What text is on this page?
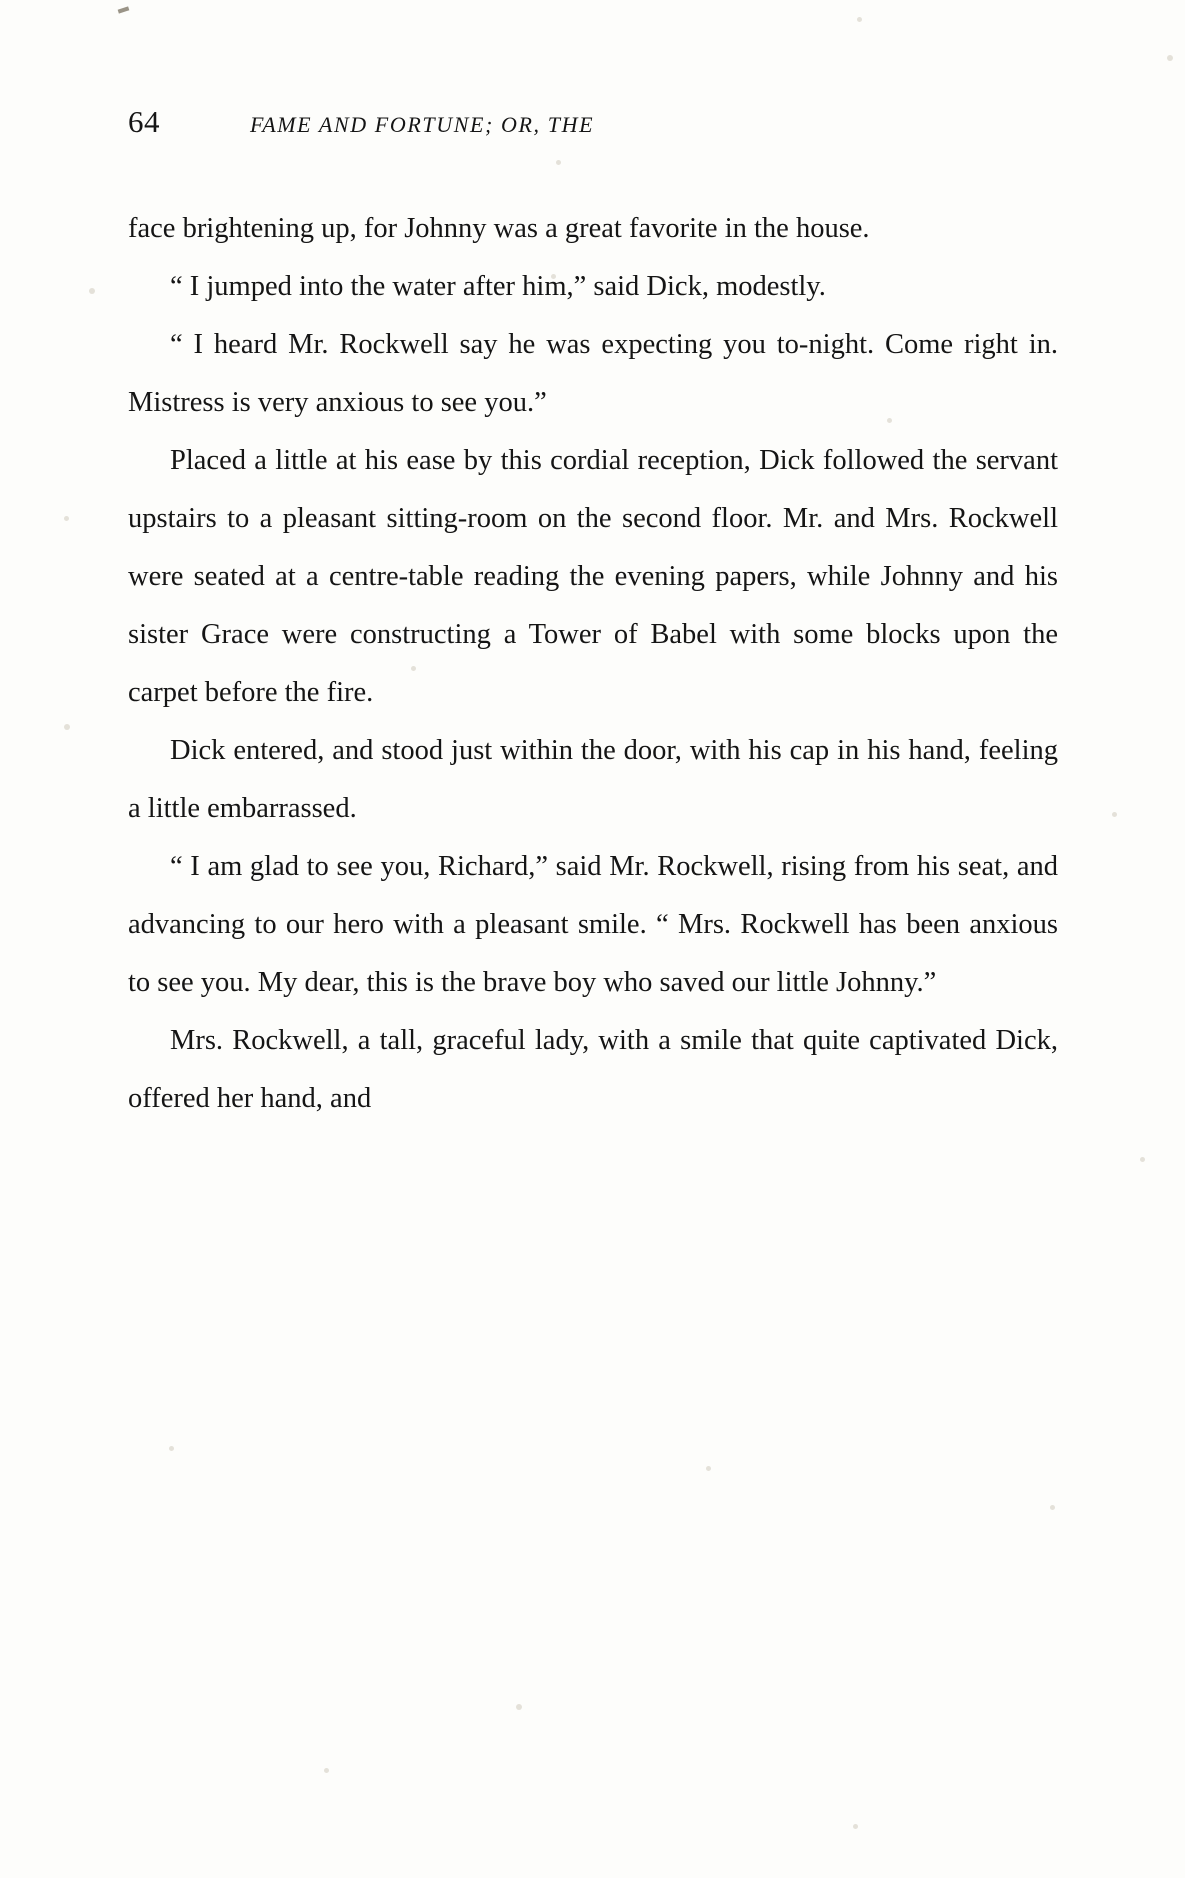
64	FAME AND FORTUNE; OR, THE

face brightening up, for Johnny was a great favorite in the house.

“ I jumped into the water after him,” said Dick, modestly.

“ I heard Mr. Rockwell say he was expecting you to-night. Come right in. Mistress is very anxious to see you.”

Placed a little at his ease by this cordial reception, Dick followed the servant upstairs to a pleasant sitting-room on the second floor. Mr. and Mrs. Rockwell were seated at a centre-table reading the evening papers, while Johnny and his sister Grace were constructing a Tower of Babel with some blocks upon the carpet before the fire.

Dick entered, and stood just within the door, with his cap in his hand, feeling a little embarrassed.

“ I am glad to see you, Richard,” said Mr. Rockwell, rising from his seat, and advancing to our hero with a pleasant smile. “ Mrs. Rockwell has been anxious to see you. My dear, this is the brave boy who saved our little Johnny.”

Mrs. Rockwell, a tall, graceful lady, with a smile that quite captivated Dick, offered her hand, and
